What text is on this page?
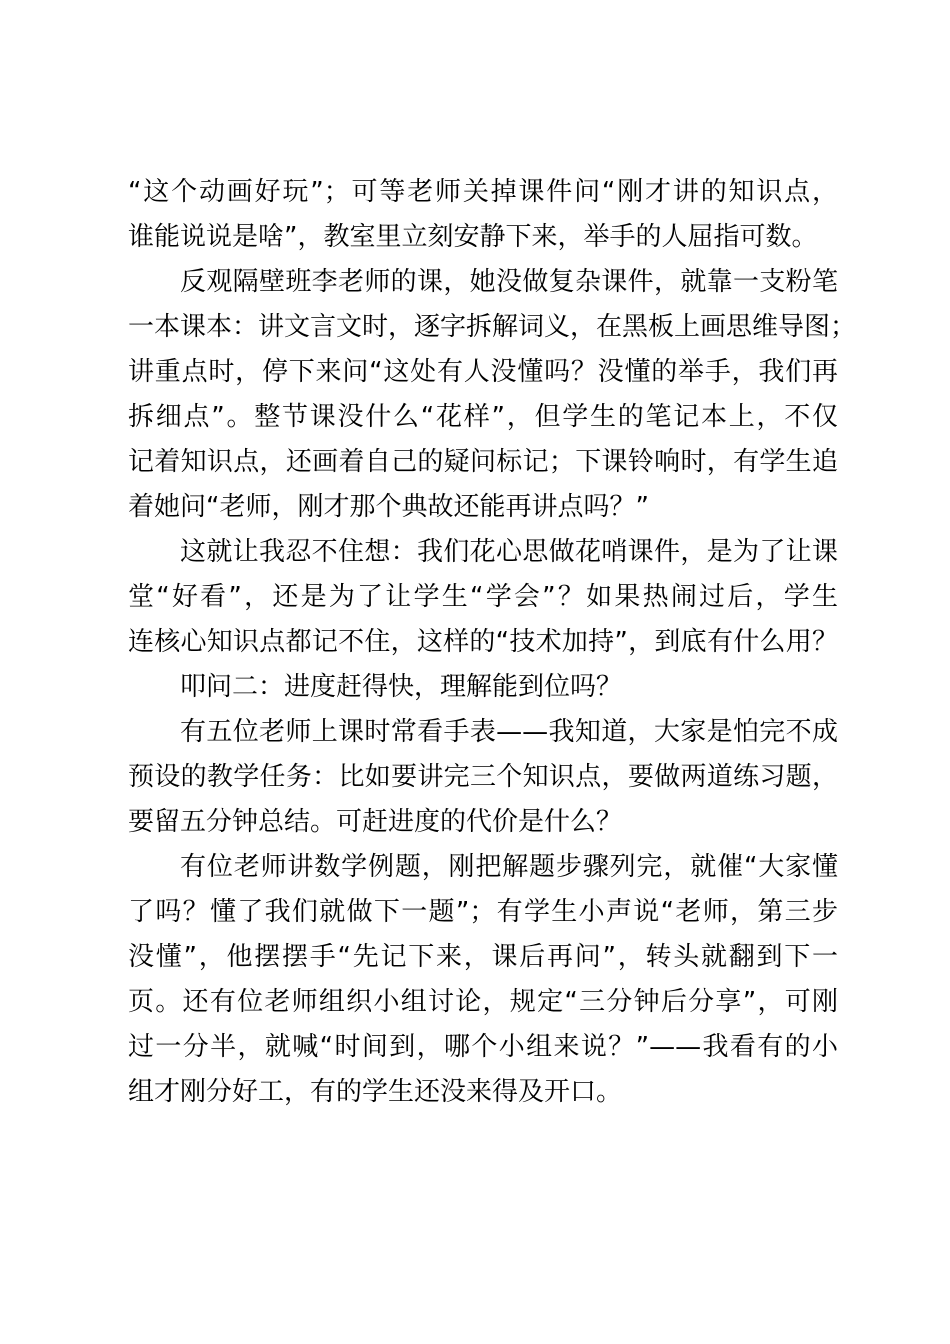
“这个动画好玩”；可等老师关掉课件问“刚才讲的知识点，
谁能说说是啥”，教室里立刻安静下来，举手的人屈指可数。
反观隔壁班李老师的课，她没做复杂课件，就靠一支粉笔
一本课本：讲文言文时，逐字拆解词义，在黑板上画思维导图；
讲重点时，停下来问“这处有人没懂吗？没懂的举手，我们再
拆细点”。整节课没什么“花样”，但学生的笔记本上，不仅
记着知识点，还画着自己的疑问标记；下课铃响时，有学生追
着她问“老师，刚才那个典故还能再讲点吗？”
这就让我忍不住想：我们花心思做花哨课件，是为了让课
堂“好看”，还是为了让学生“学会”？如果热闹过后，学生
连核心知识点都记不住，这样的“技术加持”，到底有什么用？
叩问二：进度赶得快，理解能到位吗？
有五位老师上课时常看手表——我知道，大家是怕完不成
预设的教学任务：比如要讲完三个知识点，要做两道练习题，
要留五分钟总结。可赶进度的代价是什么？
有位老师讲数学例题，刚把解题步骤列完，就催“大家懂
了吗？懂了我们就做下一题”；有学生小声说“老师，第三步
没懂”，他摆摆手“先记下来，课后再问”，转头就翻到下一
页。还有位老师组织小组讨论，规定“三分钟后分享”，可刚
过一分半，就喊“时间到，哪个小组来说？”——我看有的小
组才刚分好工，有的学生还没来得及开口。
